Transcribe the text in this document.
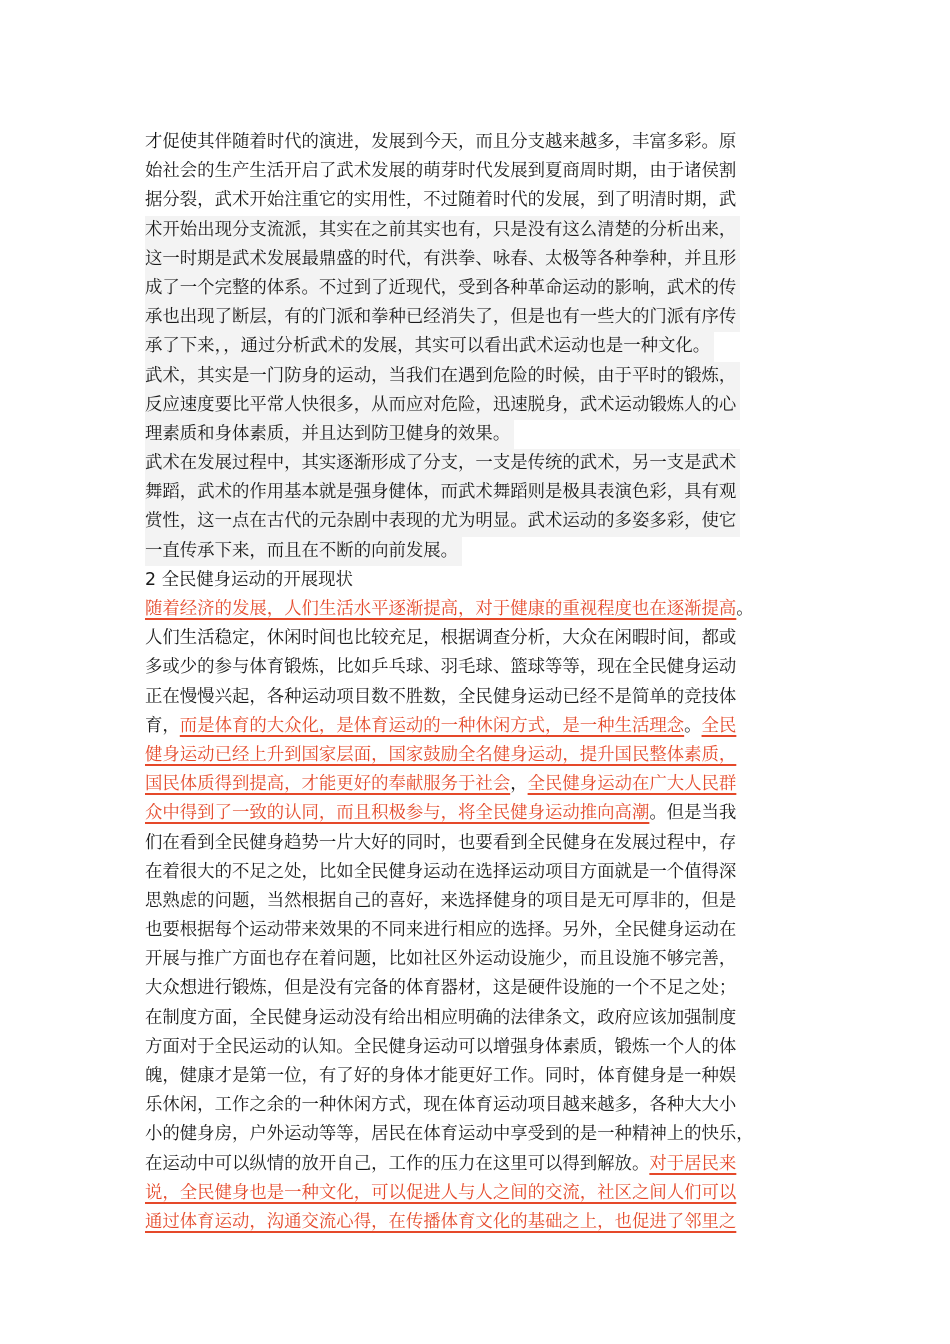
才促使其伴随着时代的演进，发展到今天，而且分支越来越多，丰富多彩。原
始社会的生产生活开启了武术发展的萌芽时代发展到夏商周时期，由于诸侯割
据分裂，武术开始注重它的实用性，不过随着时代的发展，到了明清时期，武
术开始出现分支流派，其实在之前其实也有，只是没有这么清楚的分析出来，
这一时期是武术发展最鼎盛的时代，有洪拳、咏春、太极等各种拳种，并且形
成了一个完整的体系。不过到了近现代，受到各种革命运动的影响，武术的传
承也出现了断层，有的门派和拳种已经消失了，但是也有一些大的门派有序传
承了下来，，通过分析武术的发展，其实可以看出武术运动也是一种文化。
武术，其实是一门防身的运动，当我们在遇到危险的时候，由于平时的锻炼，
反应速度要比平常人快很多，从而应对危险，迅速脱身，武术运动锻炼人的心
理素质和身体素质，并且达到防卫健身的效果。
武术在发展过程中，其实逐渐形成了分支，一支是传统的武术，另一支是武术
舞蹈，武术的作用基本就是强身健体，而武术舞蹈则是极具表演色彩，具有观
赏性，这一点在古代的元杂剧中表现的尤为明显。武术运动的多姿多彩，使它
一直传承下来，而且在不断的向前发展。
2 全民健身运动的开展现状
随着经济的发展，人们生活水平逐渐提高，对于健康的重视程度也在逐渐提高。
人们生活稳定，休闲时间也比较充足，根据调查分析，大众在闲暇时间，都或
多或少的参与体育锻炼，比如乒乓球、羽毛球、篮球等等，现在全民健身运动
正在慢慢兴起，各种运动项目数不胜数，全民健身运动已经不是简单的竞技体
育，而是体育的大众化，是体育运动的一种休闲方式，是一种生活理念。全民
健身运动已经上升到国家层面，国家鼓励全名健身运动，提升国民整体素质，
国民体质得到提高，才能更好的奉献服务于社会，全民健身运动在广大人民群
众中得到了一致的认同，而且积极参与，将全民健身运动推向高潮。但是当我
们在看到全民健身趋势一片大好的同时，也要看到全民健身在发展过程中，存
在着很大的不足之处，比如全民健身运动在选择运动项目方面就是一个值得深
思熟虑的问题，当然根据自己的喜好，来选择健身的项目是无可厚非的，但是
也要根据每个运动带来效果的不同来进行相应的选择。另外，全民健身运动在
开展与推广方面也存在着问题，比如社区外运动设施少，而且设施不够完善，
大众想进行锻炼，但是没有完备的体育器材，这是硬件设施的一个不足之处；
在制度方面，全民健身运动没有给出相应明确的法律条文，政府应该加强制度
方面对于全民运动的认知。全民健身运动可以增强身体素质，锻炼一个人的体
魄，健康才是第一位，有了好的身体才能更好工作。同时，体育健身是一种娱
乐休闲，工作之余的一种休闲方式，现在体育运动项目越来越多，各种大大小
小的健身房，户外运动等等，居民在体育运动中享受到的是一种精神上的快乐，
在运动中可以纵情的放开自己，工作的压力在这里可以得到解放。对于居民来
说，全民健身也是一种文化，可以促进人与人之间的交流，社区之间人们可以
通过体育运动，沟通交流心得，在传播体育文化的基础之上，也促进了邻里之
